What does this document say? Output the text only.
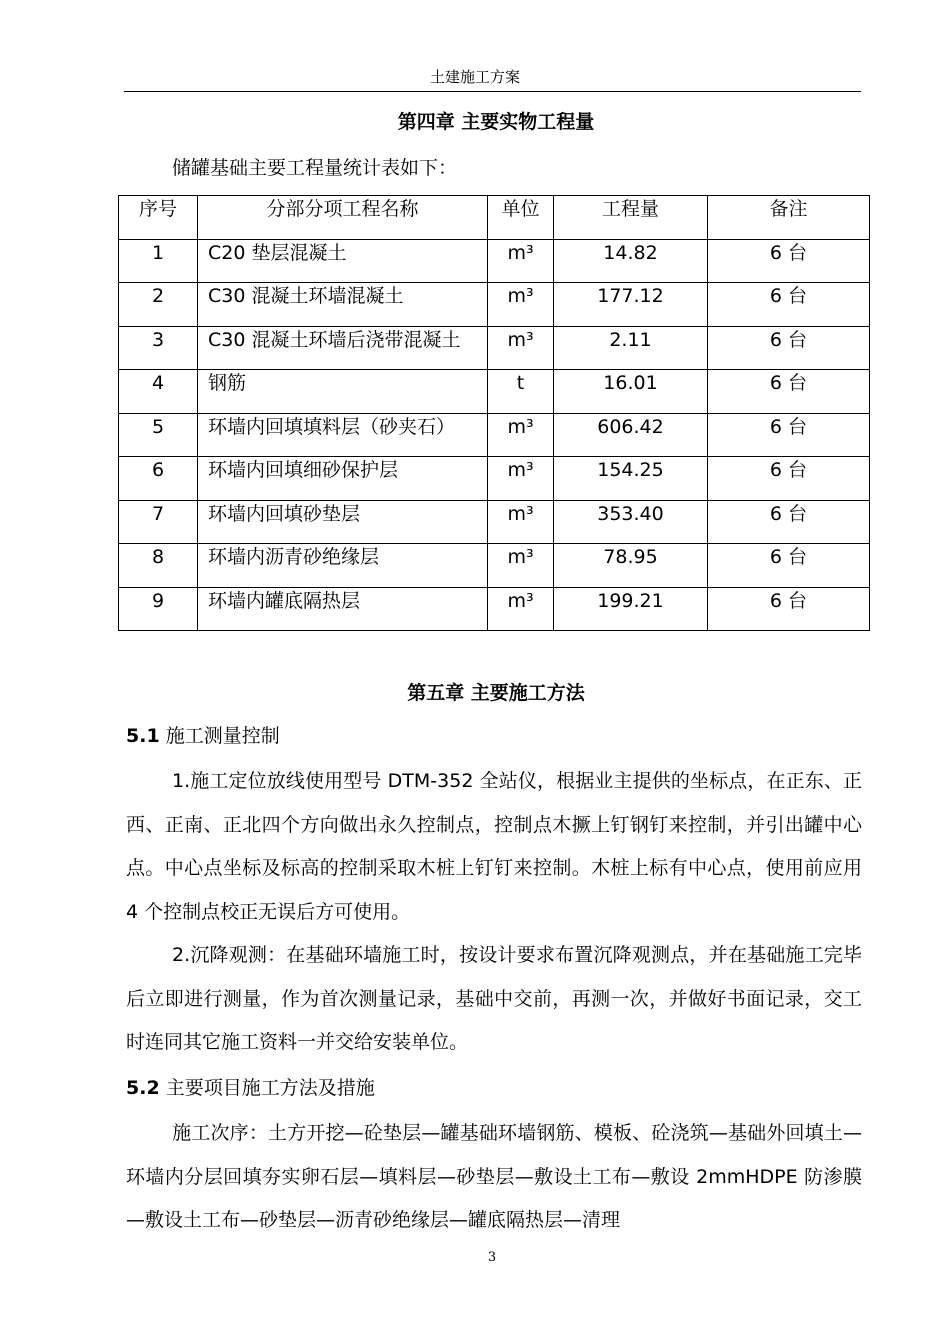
土建施工方案
第四章 主要实物工程量
储罐基础主要工程量统计表如下：
序号	分部分项工程名称	单位	工程量	备注
1	C20 垫层混凝土	m³	14.82	6 台
2	C30 混凝土环墙混凝土	m³	177.12	6 台
3	C30 混凝土环墙后浇带混凝土	m³	2.11	6 台
4	钢筋	t	16.01	6 台
5	环墙内回填填料层（砂夹石）	m³	606.42	6 台
6	环墙内回填细砂保护层	m³	154.25	6 台
7	环墙内回填砂垫层	m³	353.40	6 台
8	环墙内沥青砂绝缘层	m³	78.95	6 台
9	环墙内罐底隔热层	m³	199.21	6 台
第五章 主要施工方法
5.1 施工测量控制
1.施工定位放线使用型号 DTM-352 全站仪，根据业主提供的坐标点，在正东、正西、正南、正北四个方向做出永久控制点，控制点木撅上钉钢钉来控制，并引出罐中心点。中心点坐标及标高的控制采取木桩上钉钉来控制。木桩上标有中心点，使用前应用 4 个控制点校正无误后方可使用。
2.沉降观测：在基础环墙施工时，按设计要求布置沉降观测点，并在基础施工完毕后立即进行测量，作为首次测量记录，基础中交前，再测一次，并做好书面记录，交工时连同其它施工资料一并交给安装单位。
5.2 主要项目施工方法及措施
施工次序：土方开挖—砼垫层—罐基础环墙钢筋、模板、砼浇筑—基础外回填土—环墙内分层回填夯实卵石层—填料层—砂垫层—敷设土工布—敷设 2mmHDPE 防渗膜—敷设土工布—砂垫层—沥青砂绝缘层—罐底隔热层—清理
3
